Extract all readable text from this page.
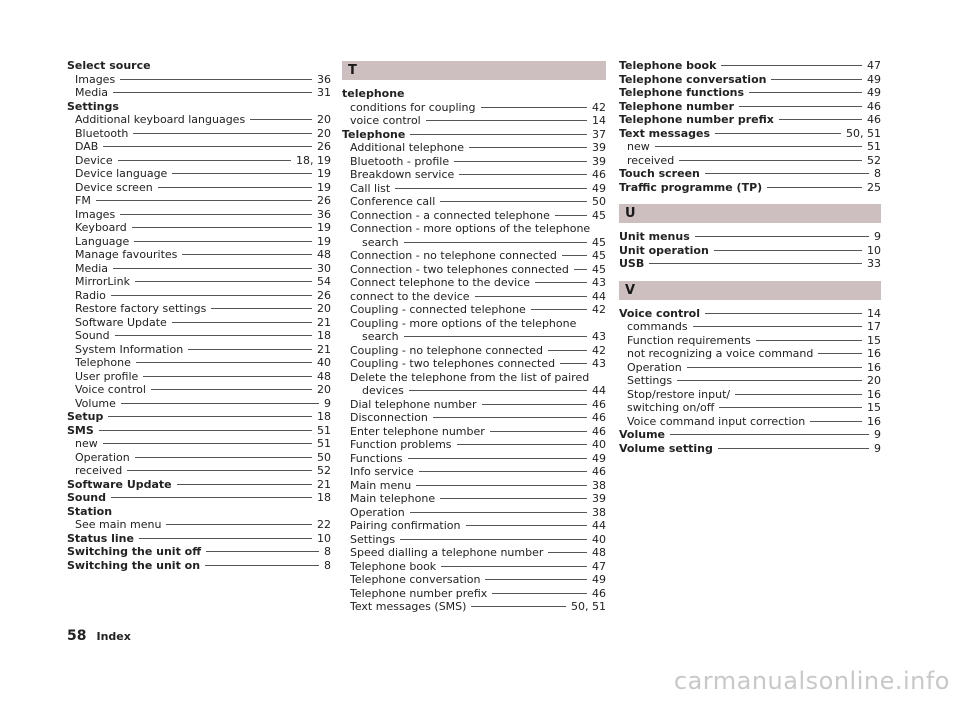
Select source
Images	36
Media	31
Settings
Additional keyboard languages	20
Bluetooth	20
DAB	26
Device	18, 19
Device language	19
Device screen	19
FM	26
Images	36
Keyboard	19
Language	19
Manage favourites	48
Media	30
MirrorLink	54
Radio	26
Restore factory settings	20
Software Update	21
Sound	18
System Information	21
Telephone	40
User profile	48
Voice control	20
Volume	9
Setup	18
SMS	51
new	51
Operation	50
received	52
Software Update	21
Sound	18
Station
See main menu	22
Status line	10
Switching the unit off	8
Switching the unit on	8
T
telephone
conditions for coupling	42
voice control	14
Telephone	37
Additional telephone	39
Bluetooth - profile	39
Breakdown service	46
Call list	49
Conference call	50
Connection - a connected telephone	45
Connection - more options of the telephone
search	45
Connection - no telephone connected	45
Connection - two telephones connected 45
Connect telephone to the device	43
connect to the device	44
Coupling - connected telephone	42
Coupling - more options of the telephone
search	43
Coupling - no telephone connected	42
Coupling - two telephones connected	43
Delete the telephone from the list of paired
devices	44
Dial telephone number	46
Disconnection	46
Enter telephone number	46
Function problems	40
Functions	49
Info service	46
Main menu	38
Main telephone	39
Operation	38
Pairing confirmation	44
Settings	40
Speed dialling a telephone number	48
Telephone book	47
Telephone conversation	49
Telephone number prefix	46
Text messages (SMS)	50, 51
Telephone book	47
Telephone conversation	49
Telephone functions	49
Telephone number	46
Telephone number prefix	46
Text messages	50, 51
new	51
received	52
Touch screen	8
Traffic programme (TP)	25
U
Unit menus	9
Unit operation	10
USB	33
V
Voice control	14
commands	17
Function requirements	15
not recognizing a voice command	16
Operation	16
Settings	20
Stop/restore input/	16
switching on/off	15
Voice command input correction	16
Volume	9
Volume setting	9
58 Index
carmanualsonline.info
